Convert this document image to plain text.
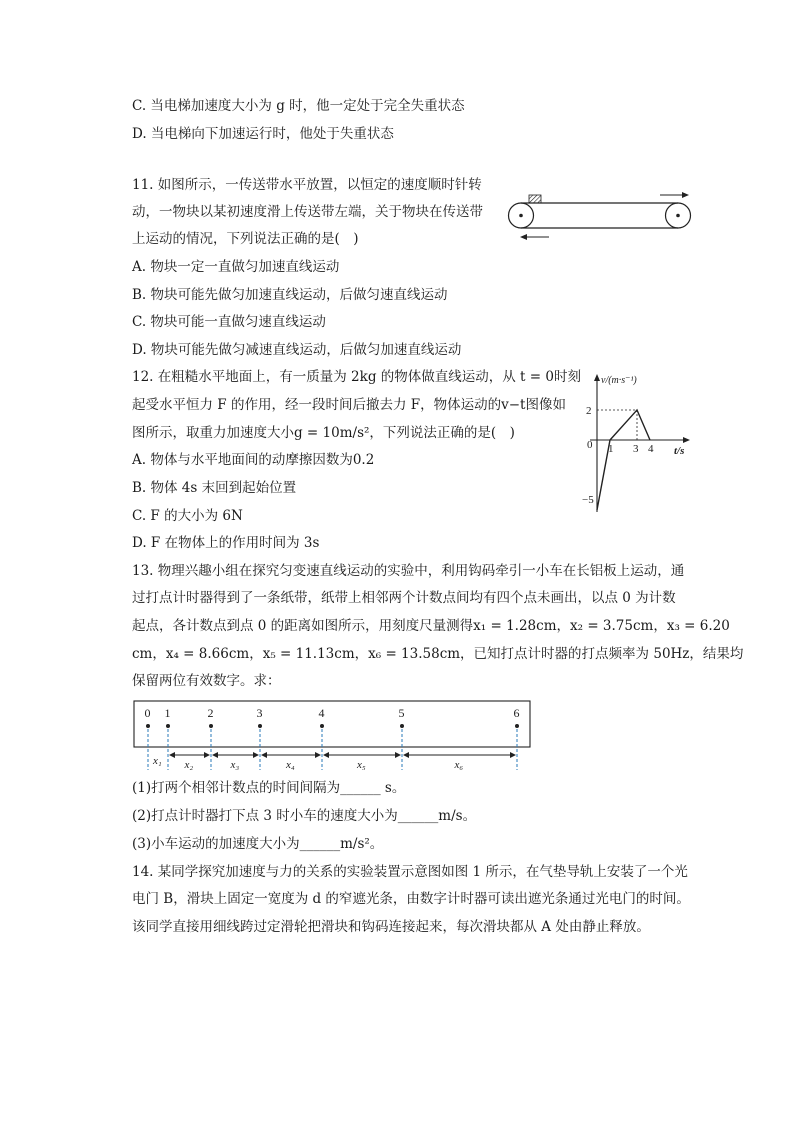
C. 当电梯加速度大小为 g 时，他一定处于完全失重状态
D. 当电梯向下加速运行时，他处于失重状态
11. 如图所示，一传送带水平放置，以恒定的速度顺时针转
动，一物块以某初速度滑上传送带左端，关于物块在传送带
上运动的情况，下列说法正确的是(　)
A. 物块一定一直做匀加速直线运动
B. 物块可能先做匀加速直线运动，后做匀速直线运动
C. 物块可能一直做匀速直线运动
D. 物块可能先做匀减速直线运动，后做匀加速直线运动
12. 在粗糙水平地面上，有一质量为 2kg 的物体做直线运动，从 t = 0时刻
起受水平恒力 F 的作用，经一段时间后撤去力 F，物体运动的v−t图像如
图所示，取重力加速度大小g = 10m/s²，下列说法正确的是(　)
A. 物体与水平地面间的动摩擦因数为0.2
B. 物体 4s 末回到起始位置
C. F 的大小为 6N
D. F 在物体上的作用时间为 3s
v/(m·s⁻¹)
t/s
0
2
−5
1 3 4
13. 物理兴趣小组在探究匀变速直线运动的实验中，利用钩码牵引一小车在长铝板上运动，通
过打点计时器得到了一条纸带，纸带上相邻两个计数点间均有四个点未画出，以点 0 为计数
起点，各计数点到点 0 的距离如图所示，用刻度尺量测得x₁ = 1.28cm，x₂ = 3.75cm，x₃ = 6.20
cm，x₄ = 8.66cm，x₅ = 11.13cm，x₆ = 13.58cm，已知打点计时器的打点频率为 50Hz，结果均
保留两位有效数字。求：
0 1	2	3	4	5	6
x₁ x₂	x₃	x₄	x₅	x₆
(1)打两个相邻计数点的时间间隔为______ s。
(2)打点计时器打下点 3 时小车的速度大小为______m/s。
(3)小车运动的加速度大小为______m/s²。
14. 某同学探究加速度与力的关系的实验装置示意图如图 1 所示，在气垫导轨上安装了一个光
电门 B，滑块上固定一宽度为 d 的窄遮光条，由数字计时器可读出遮光条通过光电门的时间。
该同学直接用细线跨过定滑轮把滑块和钩码连接起来，每次滑块都从 A 处由静止释放。
